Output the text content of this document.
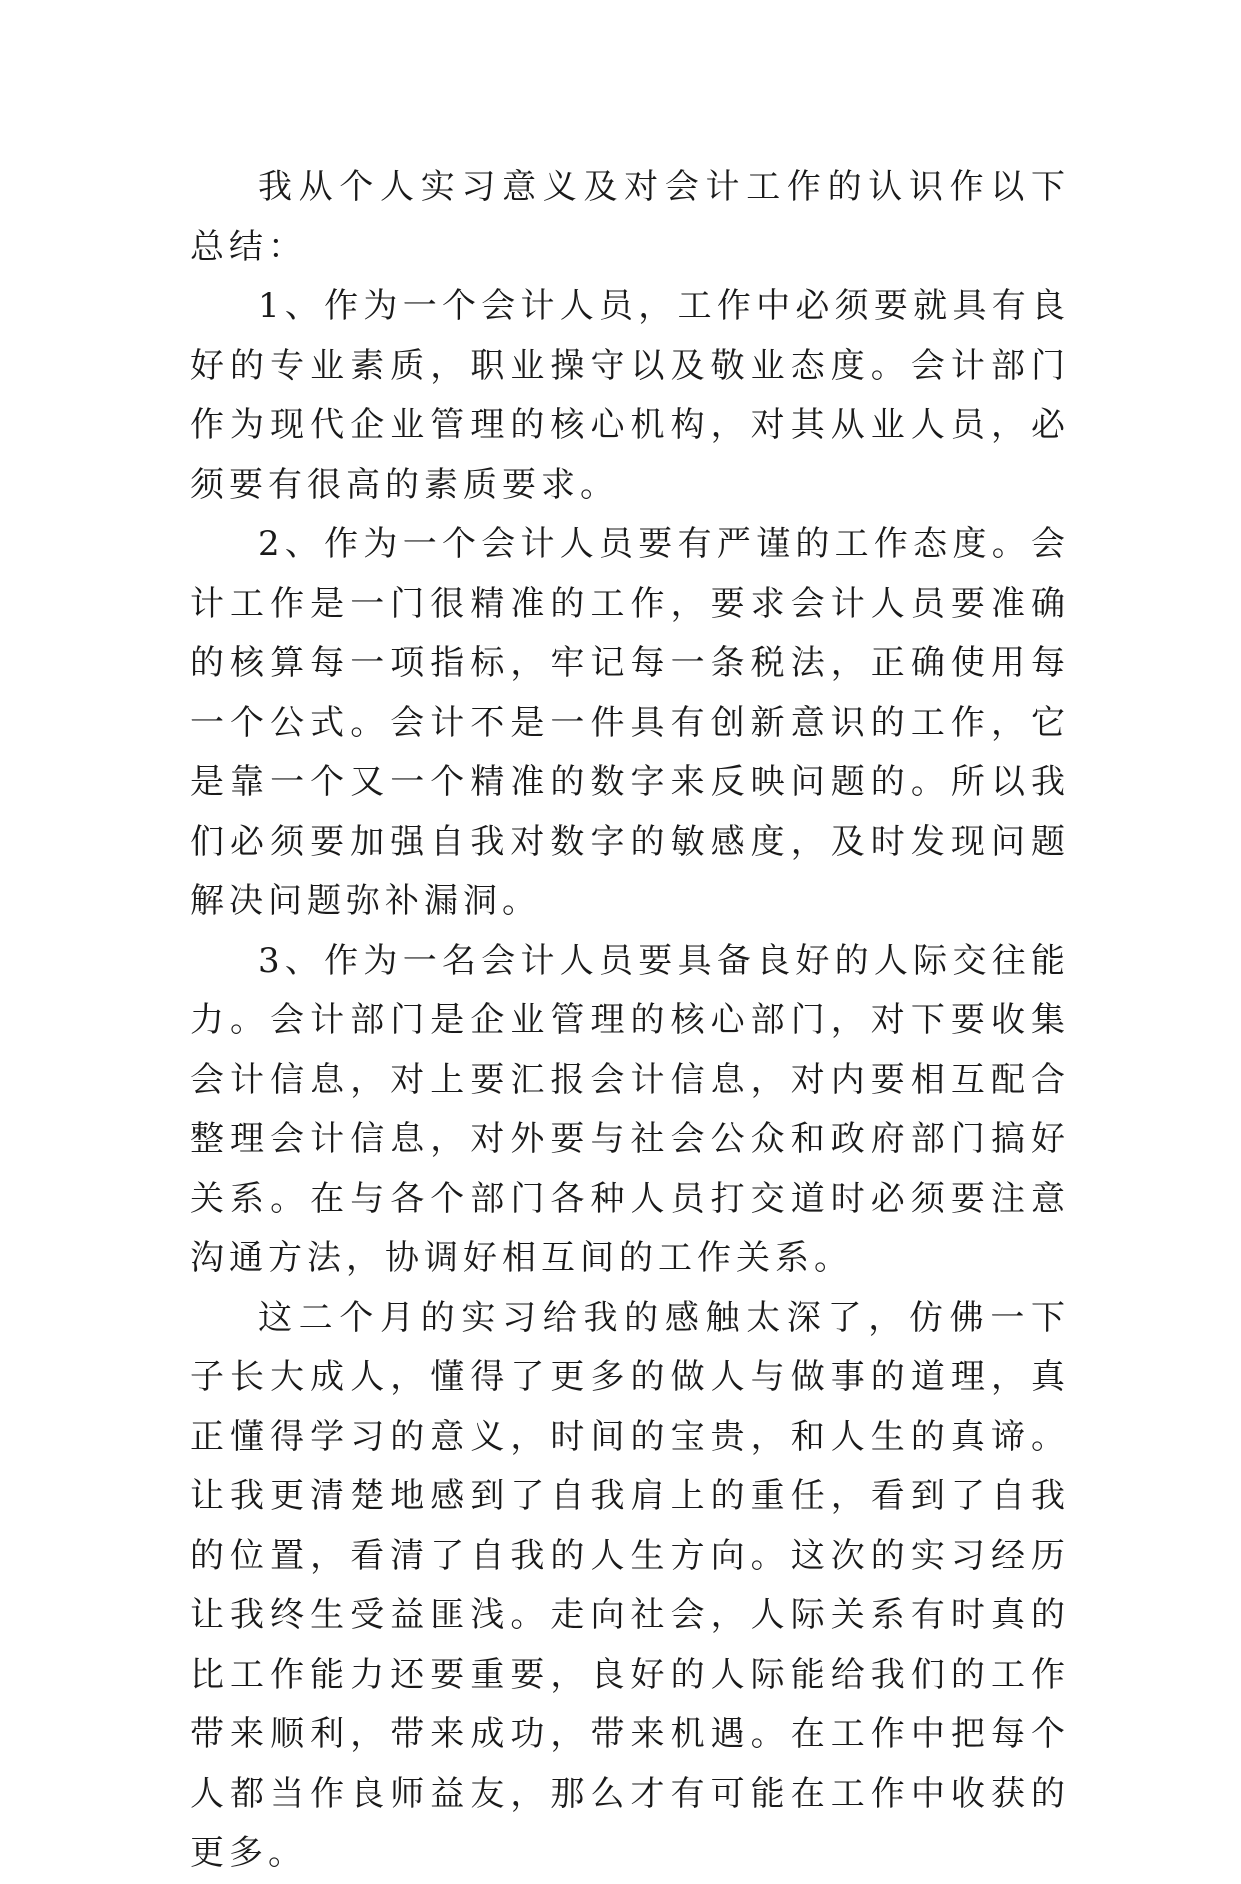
我从个人实习意义及对会计工作的认识作以下总结：

1、作为一个会计人员，工作中必须要就具有良好的专业素质，职业操守以及敬业态度。会计部门作为现代企业管理的核心机构，对其从业人员，必须要有很高的素质要求。

2、作为一个会计人员要有严谨的工作态度。会计工作是一门很精准的工作，要求会计人员要准确的核算每一项指标，牢记每一条税法，正确使用每一个公式。会计不是一件具有创新意识的工作，它是靠一个又一个精准的数字来反映问题的。所以我们必须要加强自我对数字的敏感度，及时发现问题解决问题弥补漏洞。

3、作为一名会计人员要具备良好的人际交往能力。会计部门是企业管理的核心部门，对下要收集会计信息，对上要汇报会计信息，对内要相互配合整理会计信息，对外要与社会公众和政府部门搞好关系。在与各个部门各种人员打交道时必须要注意沟通方法，协调好相互间的工作关系。

这二个月的实习给我的感触太深了，仿佛一下子长大成人，懂得了更多的做人与做事的道理，真正懂得学习的意义，时间的宝贵，和人生的真谛。让我更清楚地感到了自我肩上的重任，看到了自我的位置，看清了自我的人生方向。这次的实习经历让我终生受益匪浅。走向社会，人际关系有时真的比工作能力还要重要，良好的人际能给我们的工作带来顺利，带来成功，带来机遇。在工作中把每个人都当作良师益友，那么才有可能在工作中收获的更多。
